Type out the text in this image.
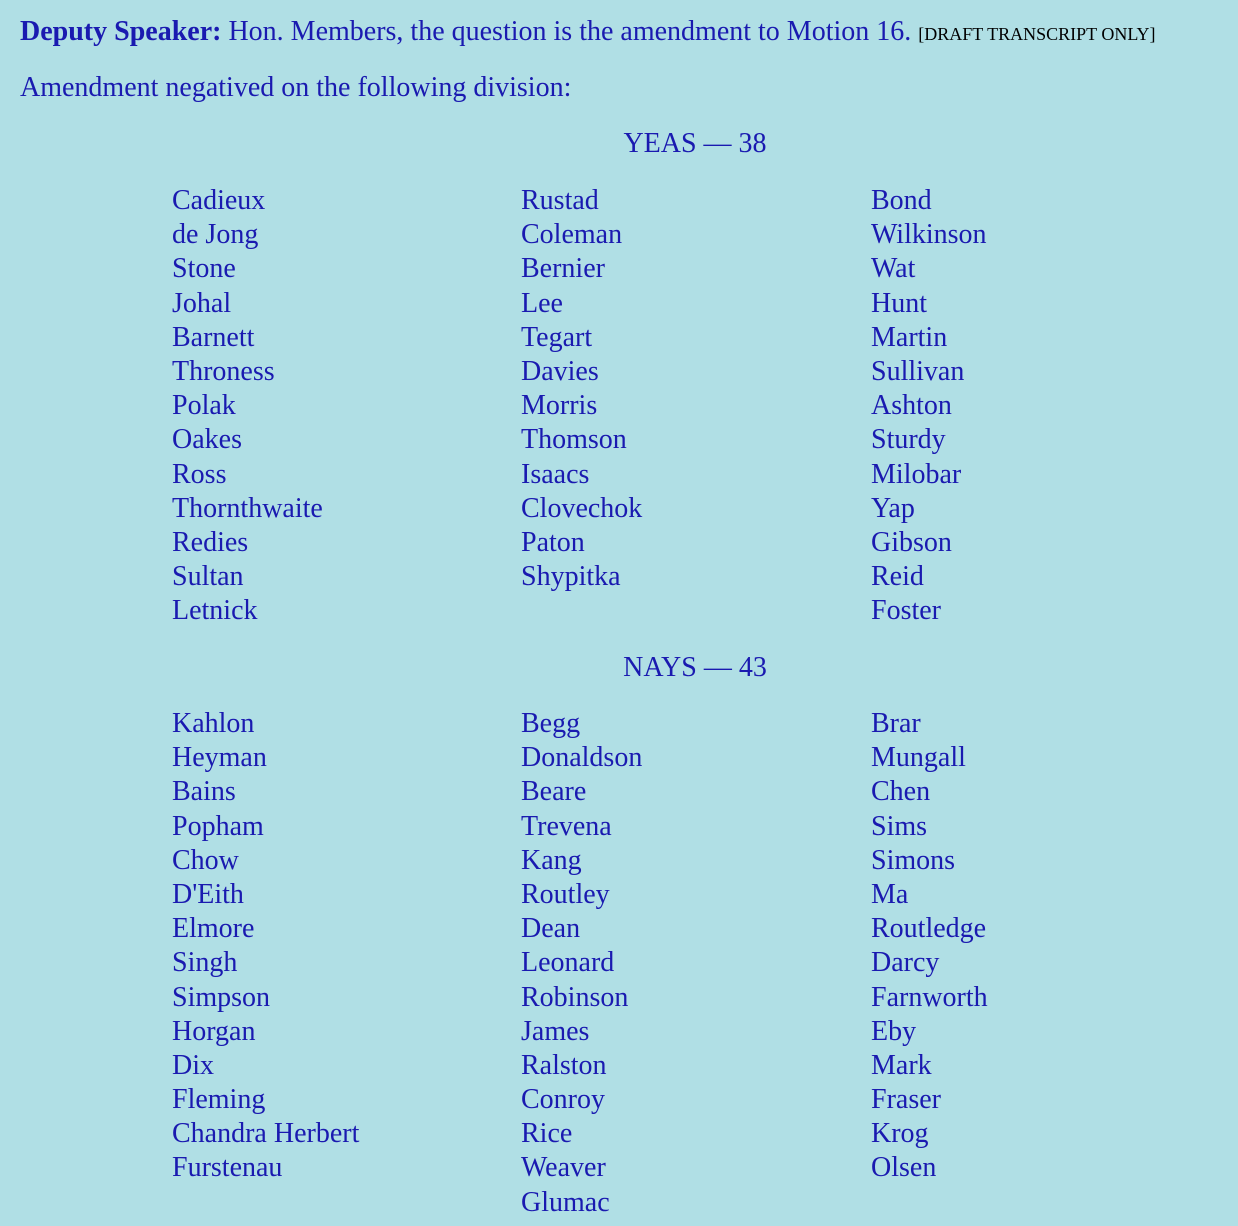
Deputy Speaker: Hon. Members, the question is the amendment to Motion 16. [DRAFT TRANSCRIPT ONLY]
Amendment negatived on the following division:
YEAS — 38
Cadieux
de Jong
Stone
Johal
Barnett
Throness
Polak
Oakes
Ross
Thornthwaite
Redies
Sultan
Letnick
Rustad
Coleman
Bernier
Lee
Tegart
Davies
Morris
Thomson
Isaacs
Clovechok
Paton
Shypitka
Bond
Wilkinson
Wat
Hunt
Martin
Sullivan
Ashton
Sturdy
Milobar
Yap
Gibson
Reid
Foster
NAYS — 43
Kahlon
Heyman
Bains
Popham
Chow
D'Eith
Elmore
Singh
Simpson
Horgan
Dix
Fleming
Chandra Herbert
Furstenau
Begg
Donaldson
Beare
Trevena
Kang
Routley
Dean
Leonard
Robinson
James
Ralston
Conroy
Rice
Weaver
Glumac
Brar
Mungall
Chen
Sims
Simons
Ma
Routledge
Darcy
Farnworth
Eby
Mark
Fraser
Krog
Olsen
